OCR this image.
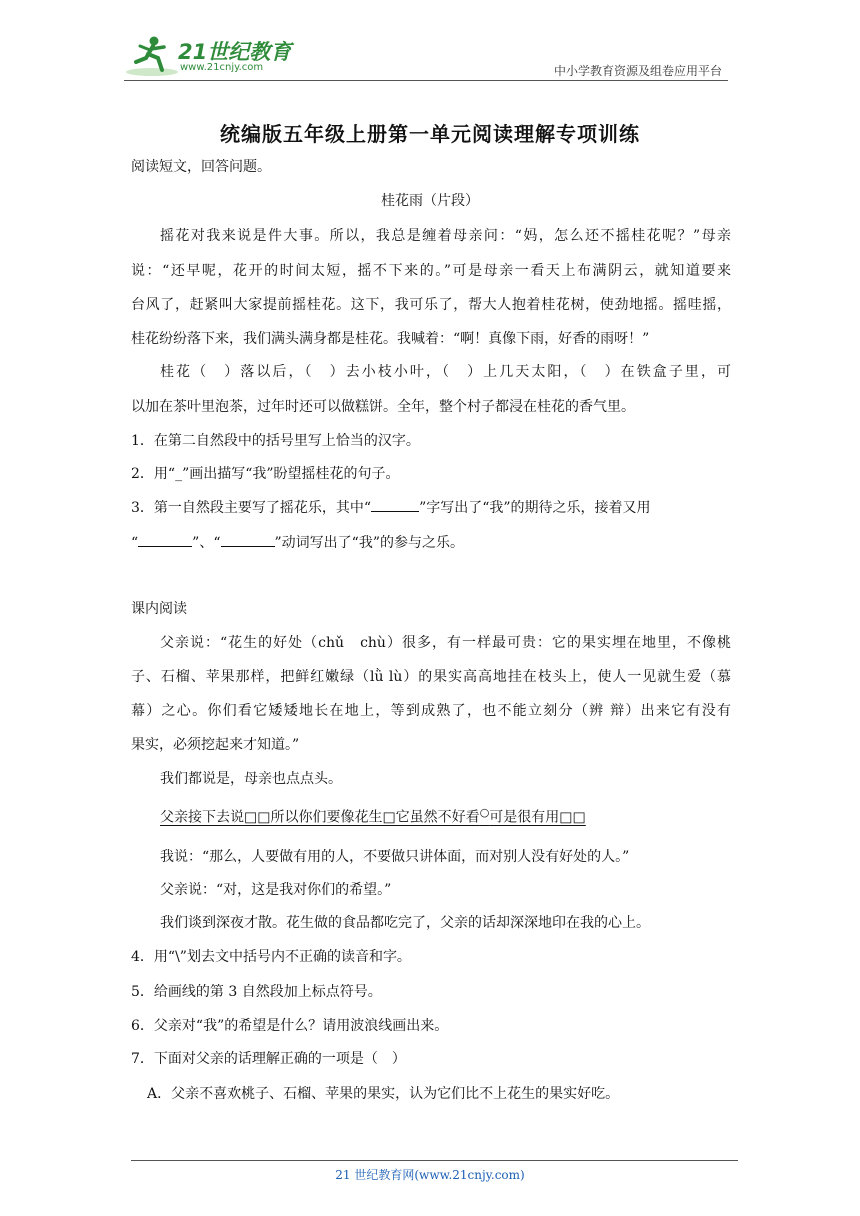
21世纪教育
www.21cnjy.com	中小学教育资源及组卷应用平台
统编版五年级上册第一单元阅读理解专项训练
阅读短文，回答问题。
桂花雨（片段）
摇花对我来说是件大事。所以，我总是缠着母亲问：“妈，怎么还不摇桂花呢？”母亲
说：“还早呢，花开的时间太短，摇不下来的。”可是母亲一看天上布满阴云，就知道要来
台风了，赶紧叫大家提前摇桂花。这下，我可乐了，帮大人抱着桂花树，使劲地摇。摇哇摇，
桂花纷纷落下来，我们满头满身都是桂花。我喊着：“啊！真像下雨，好香的雨呀！”
桂花（　）落以后，（　）去小枝小叶，（　）上几天太阳，（　）在铁盒子里，可
以加在茶叶里泡茶，过年时还可以做糕饼。全年，整个村子都浸在桂花的香气里。
1．在第二自然段中的括号里写上恰当的汉字。
2．用“_”画出描写“我”盼望摇桂花的句子。
3．第一自然段主要写了摇花乐，其中“	”字写出了“我”的期待之乐，接着又用
“	”、“	”动词写出了“我”的参与之乐。
课内阅读
父亲说：“花生的好处（chǔ　chù）很多，有一样最可贵：它的果实埋在地里，不像桃
子、石榴、苹果那样，把鲜红嫩绿（lǜ lù）的果实高高地挂在枝头上，使人一见就生爱（慕
幕）之心。你们看它矮矮地长在地上，等到成熟了，也不能立刻分（辨 辩）出来它有没有
果实，必须挖起来才知道。”
我们都说是，母亲也点点头。
父亲接下去说□□所以你们要像花生□它虽然不好看○可是很有用□□
我说：“那么，人要做有用的人，不要做只讲体面，而对别人没有好处的人。”
父亲说：“对，这是我对你们的希望。”
我们谈到深夜才散。花生做的食品都吃完了，父亲的话却深深地印在我的心上。
4．用“\”划去文中括号内不正确的读音和字。
5．给画线的第 3 自然段加上标点符号。
6．父亲对“我”的希望是什么？请用波浪线画出来。
7．下面对父亲的话理解正确的一项是（　）
A．父亲不喜欢桃子、石榴、苹果的果实，认为它们比不上花生的果实好吃。
21 世纪教育网(www.21cnjy.com)
